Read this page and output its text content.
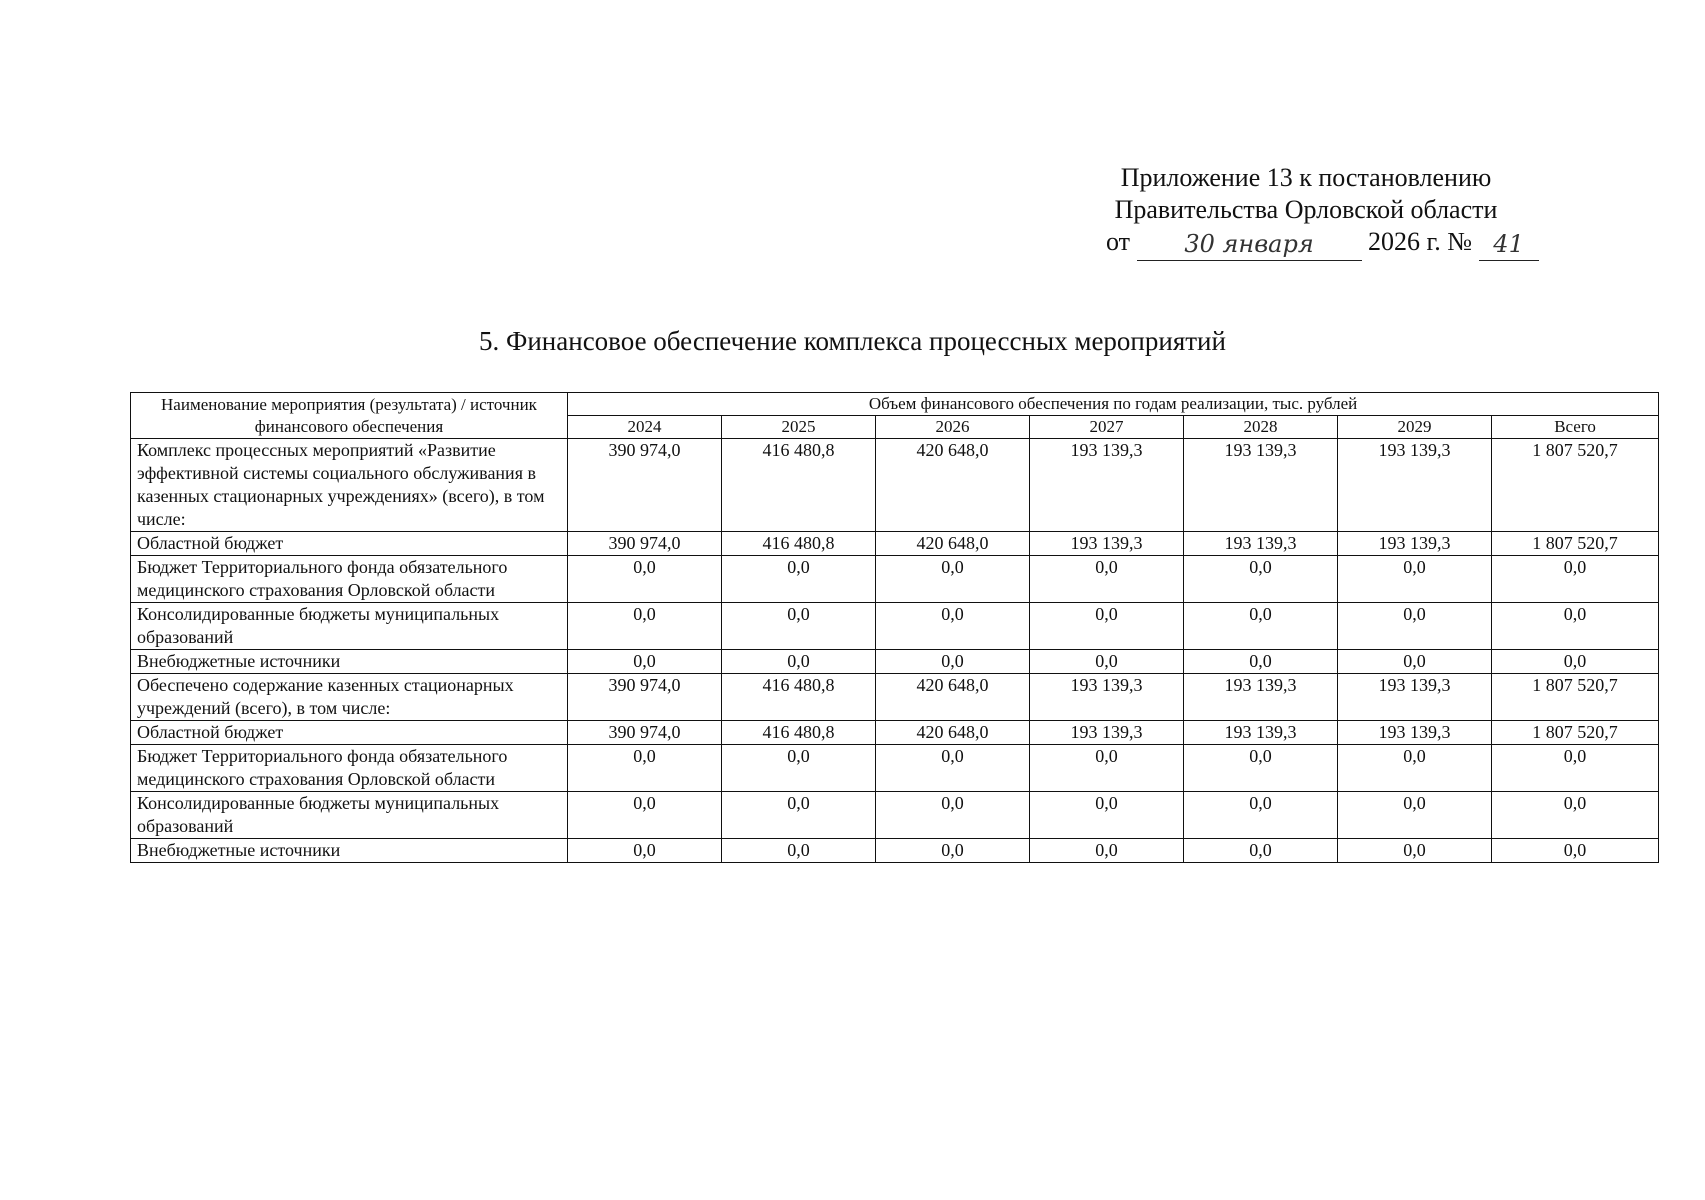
Приложение 13 к постановлению
Правительства Орловской области
от 30 января 2026 г. № 41
5. Финансовое обеспечение комплекса процессных мероприятий
Наименование мероприятия (результата) / источник финансового обеспечения	Объем финансового обеспечения по годам реализации, тыс. рублей						
	2024	2025	2026	2027	2028	2029	Всего
Комплекс процессных мероприятий «Развитие эффективной системы социального обслуживания в казенных стационарных учреждениях» (всего), в том числе:	390 974,0	416 480,8	420 648,0	193 139,3	193 139,3	193 139,3	1 807 520,7
Областной бюджет	390 974,0	416 480,8	420 648,0	193 139,3	193 139,3	193 139,3	1 807 520,7
Бюджет Территориального фонда обязательного медицинского страхования Орловской области	0,0	0,0	0,0	0,0	0,0	0,0	0,0
Консолидированные бюджеты муниципальных образований	0,0	0,0	0,0	0,0	0,0	0,0	0,0
Внебюджетные источники	0,0	0,0	0,0	0,0	0,0	0,0	0,0
Обеспечено содержание казенных стационарных учреждений (всего), в том числе:	390 974,0	416 480,8	420 648,0	193 139,3	193 139,3	193 139,3	1 807 520,7
Областной бюджет	390 974,0	416 480,8	420 648,0	193 139,3	193 139,3	193 139,3	1 807 520,7
Бюджет Территориального фонда обязательного медицинского страхования Орловской области	0,0	0,0	0,0	0,0	0,0	0,0	0,0
Консолидированные бюджеты муниципальных образований	0,0	0,0	0,0	0,0	0,0	0,0	0,0
Внебюджетные источники	0,0	0,0	0,0	0,0	0,0	0,0	0,0
